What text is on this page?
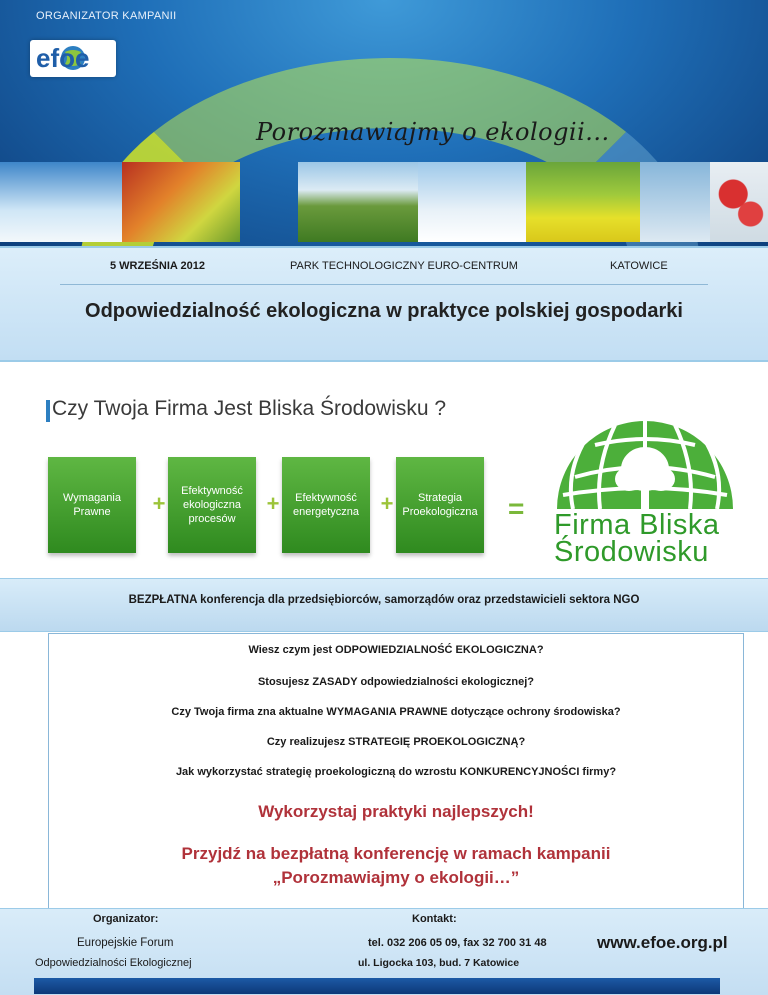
ORGANIZATOR KAMPANII
efoe
Porozmawiajmy o ekologii...
5 WRZEŚNIA 2012	PARK TECHNOLOGICZNY EURO-CENTRUM	KATOWICE
Odpowiedzialność ekologiczna w praktyce polskiej gospodarki
Czy Twoja Firma Jest Bliska Środowisku ?
Wymagania Prawne	+	Efektywność ekologiczna procesów
+	Efektywność energetyczna +	Strategia Proekologiczna =
Firma Bliska
Środowisku
BEZPŁATNA konferencja dla przedsiębiorców, samorządów oraz przedstawicieli sektora NGO
Wiesz czym jest ODPOWIEDZIALNOŚĆ EKOLOGICZNA?
Stosujesz ZASADY odpowiedzialności ekologicznej?
Czy Twoja firma zna aktualne WYMAGANIA PRAWNE dotyczące ochrony środowiska?
Czy realizujesz STRATEGIĘ PROEKOLOGICZNĄ?
Jak wykorzystać strategię proekologiczną do wzrostu KONKURENCYJNOŚCI firmy?
Wykorzystaj praktyki najlepszych!
Przyjdź na bezpłatną konferencję w ramach kampanii
„Porozmawiajmy o ekologii…”
Organizator:
Europejskie Forum
Odpowiedzialności Ekologicznej
Kontakt:
tel. 032 206 05 09, fax 32 700 31 48
ul. Ligocka 103, bud. 7 Katowice
www.efoe.org.pl
